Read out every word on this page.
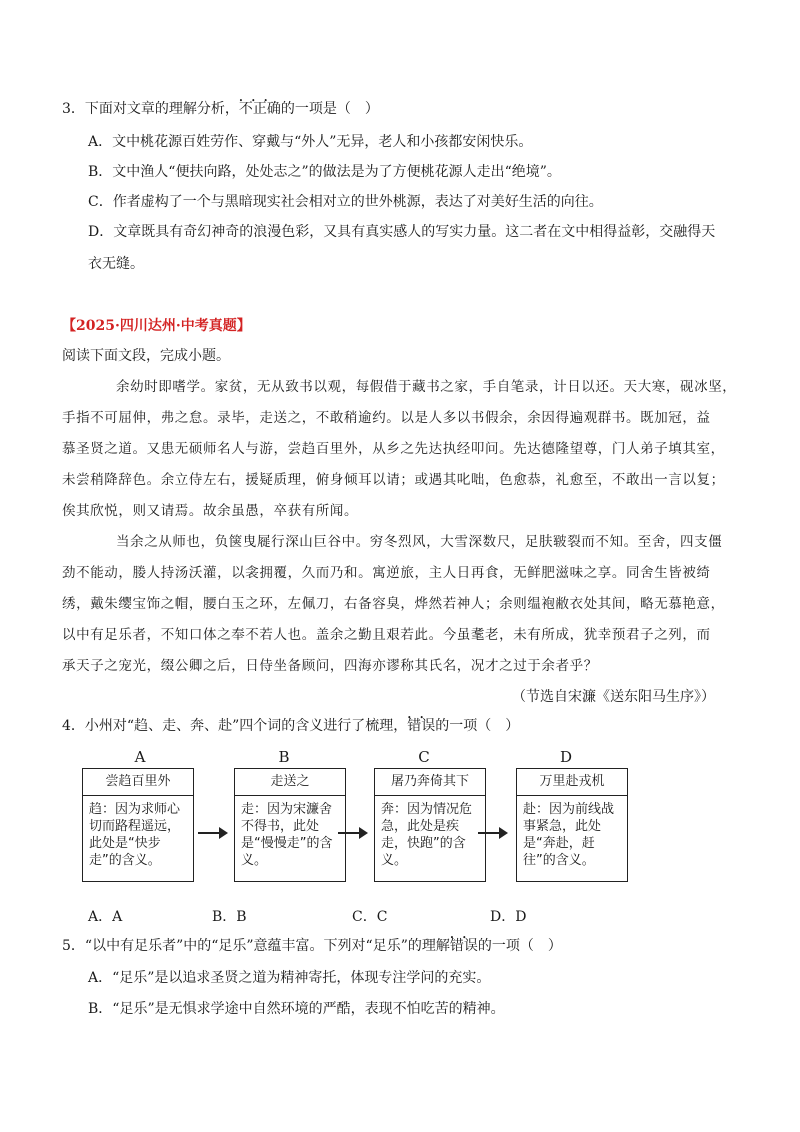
3．下面对文章的理解分析，• • • 不正确的一项是（　）
A．文中桃花源百姓劳作、穿戴与“外人”无异，老人和小孩都安闲快乐。
B．文中渔人“便扶向路，处处志之”的做法是为了方便桃花源人走出“绝境”。
C．作者虚构了一个与黑暗现实社会相对立的世外桃源，表达了对美好生活的向往。
D．文章既具有奇幻神奇的浪漫色彩，又具有真实感人的写实力量。这二者在文中相得益彰，交融得天
衣无缝。
【2025·四川达州·中考真题】
阅读下面文段，完成小题。
余幼时即嗜学。家贫，无从致书以观，每假借于藏书之家，手自笔录，计日以还。天大寒，砚冰坚，
手指不可屈伸，弗之怠。录毕，走送之，不敢稍逾约。以是人多以书假余，余因得遍观群书。既加冠，益
慕圣贤之道。又患无硕师名人与游，尝趋百里外，从乡之先达执经叩问。先达德隆望尊，门人弟子填其室，
未尝稍降辞色。余立侍左右，援疑质理，俯身倾耳以请；或遇其叱咄，色愈恭，礼愈至，不敢出一言以复；
俟其欣悦，则又请焉。故余虽愚，卒获有所闻。
当余之从师也，负箧曳屣行深山巨谷中。穷冬烈风，大雪深数尺，足肤皲裂而不知。至舍，四支僵
劲不能动，媵人持汤沃灌，以衾拥覆，久而乃和。寓逆旅，主人日再食，无鲜肥滋味之享。同舍生皆被绮
绣，戴朱缨宝饰之帽，腰白玉之环，左佩刀，右备容臭，烨然若神人；余则缊袍敝衣处其间，略无慕艳意，
以中有足乐者，不知口体之奉不若人也。盖余之勤且艰若此。今虽耄老，未有所成，犹幸预君子之列，而
承天子之宠光，缀公卿之后，日侍坐备顾问，四海亦谬称其氏名，况才之过于余者乎？
（节选自宋濂《送东阳马生序》）
4．小州对“趋、走、奔、赴”四个词的含义进行了梳理，• • 错误的一项（　）
A	B	C	D
尝趋百里外
趋：因为求师心切而路程遥远，此处是“快步走”的含义。
走送之
走：因为宋濂舍不得书，此处是“慢慢走”的含义。
屠乃奔倚其下
奔：因为情况危急，此处是疾走，快跑”的含义。
万里赴戎机
赴：因为前线战事紧急，此处是“奔赴，赶往”的含义。
A．A	B．B	C．C	D．D
5．“以中有足乐者”中的“足乐”意蕴丰富。下列对“足乐”的理解• • 错误的一项（　）
A．“足乐”是以追求圣贤之道为精神寄托，体现专注学问的充实。
B．“足乐”是无惧求学途中自然环境的严酷，表现不怕吃苦的精神。
